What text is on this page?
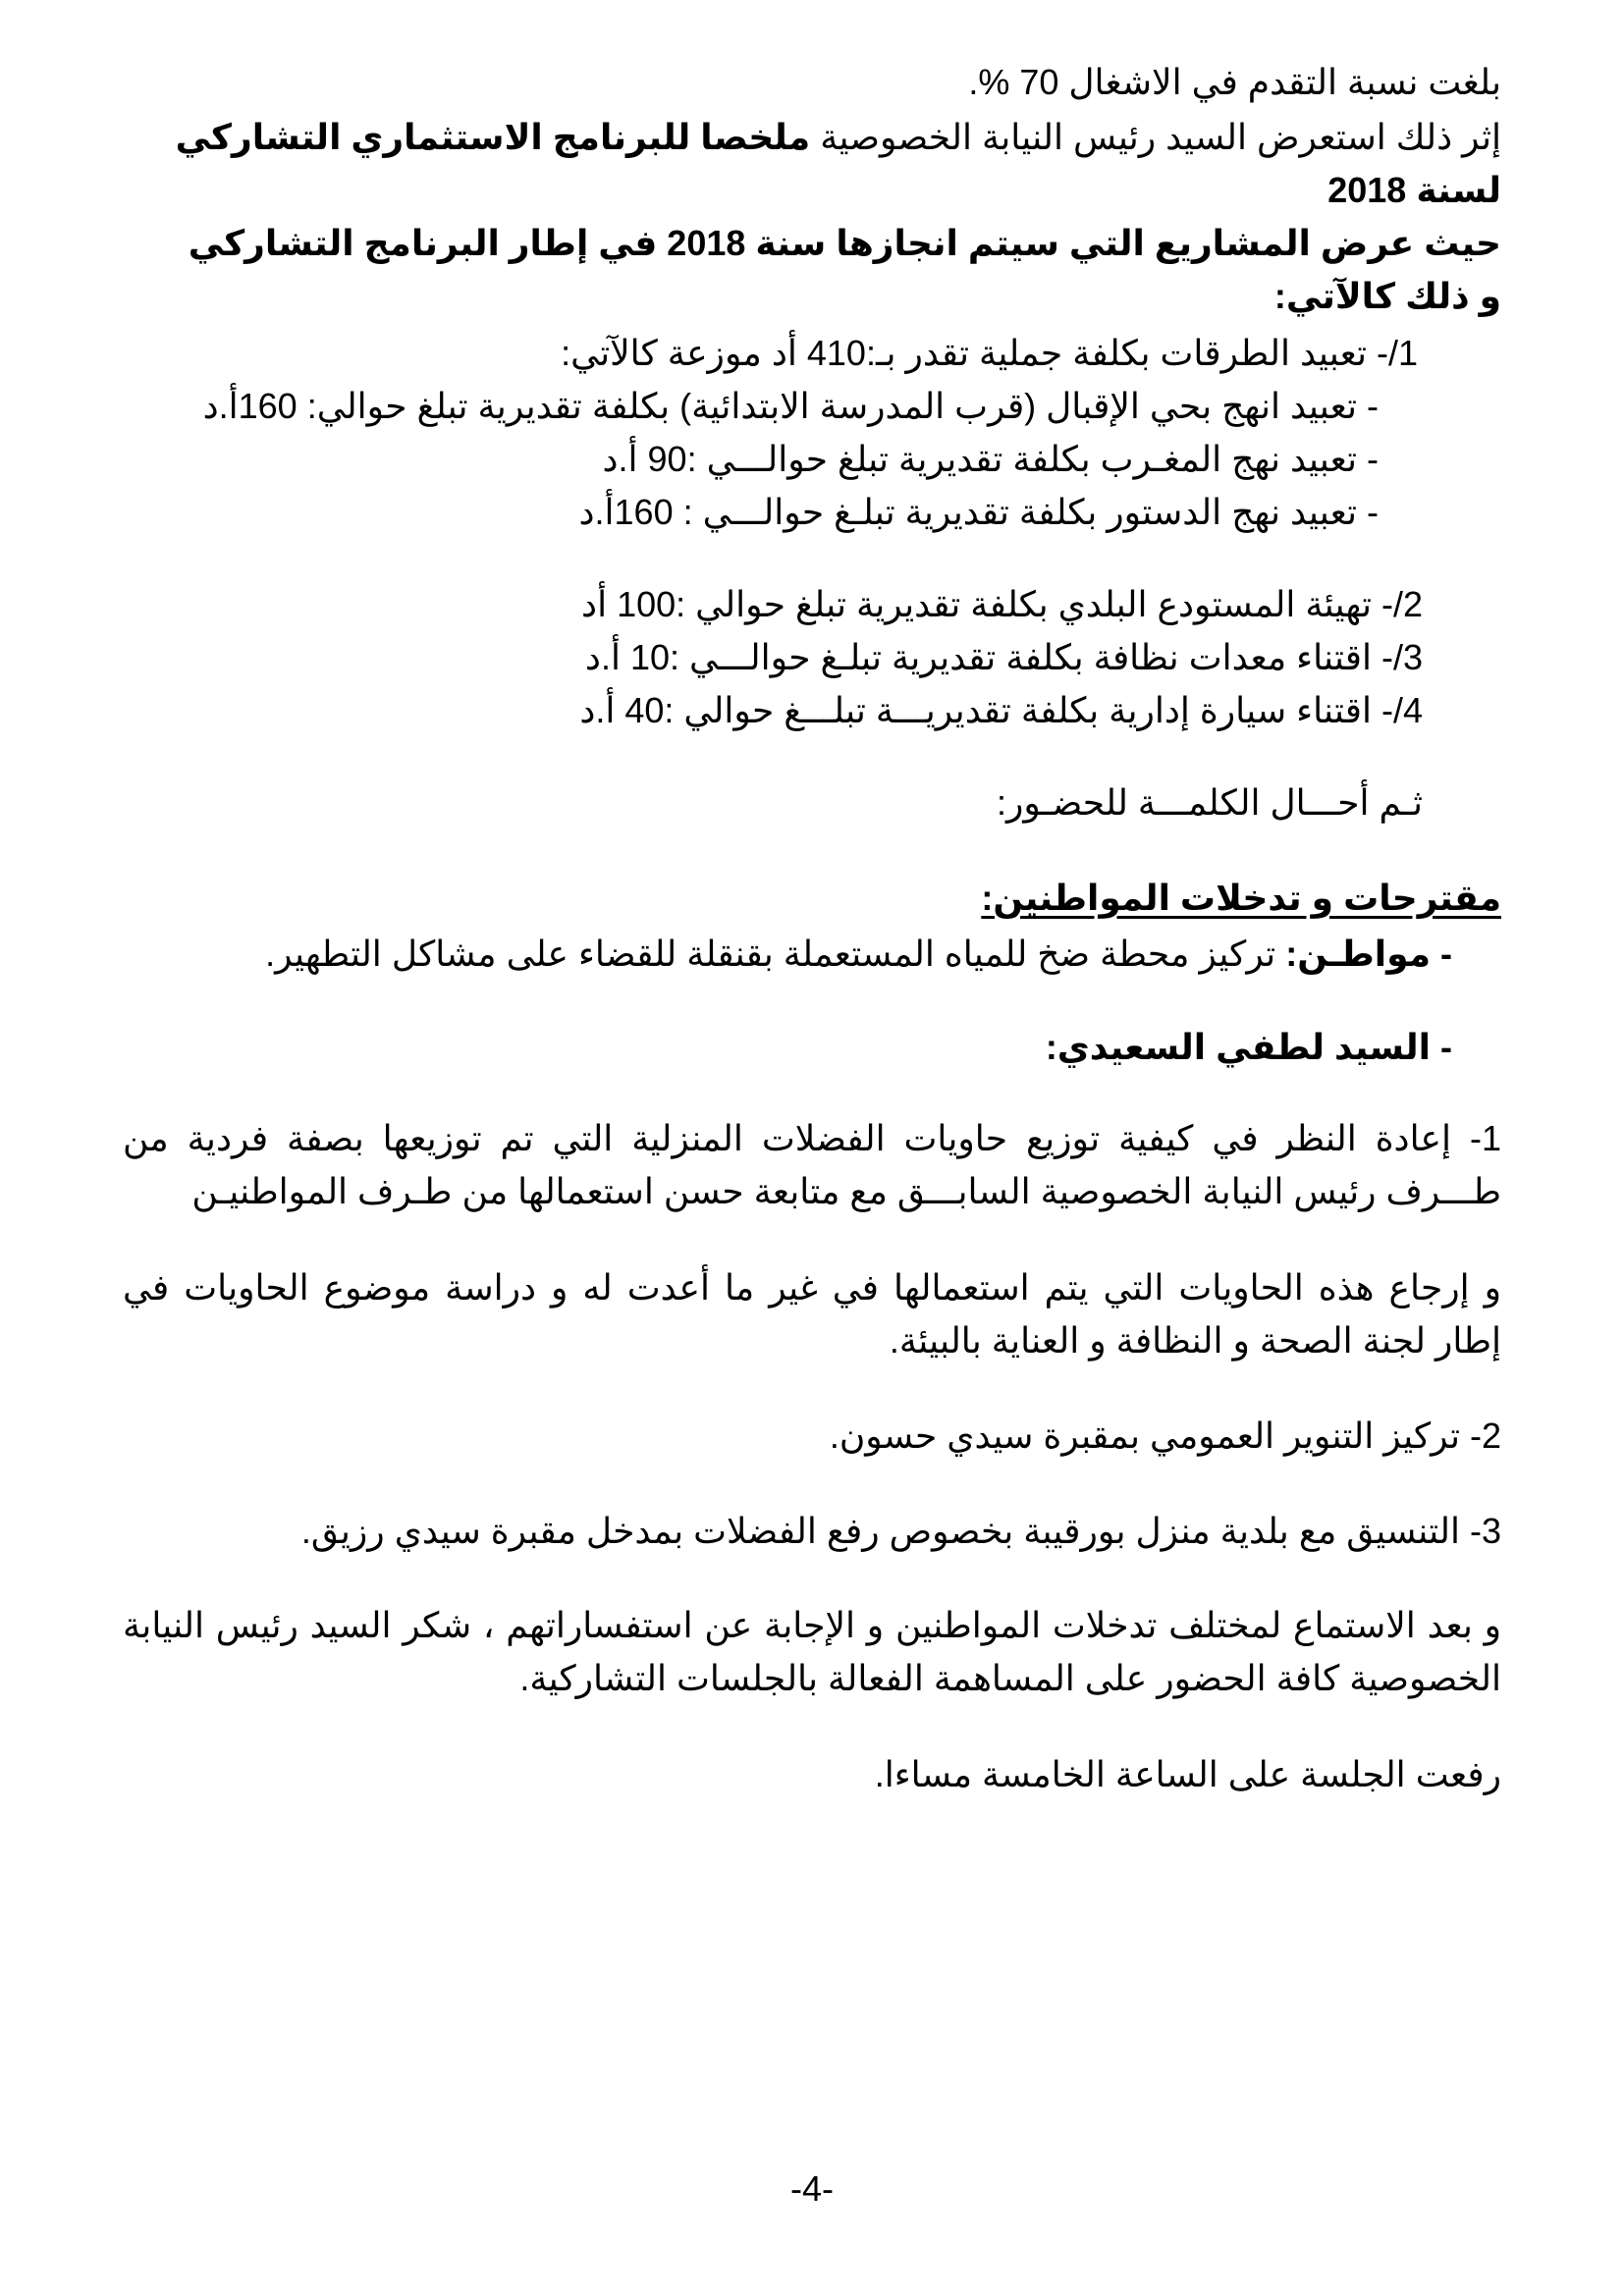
بلغت نسبة التقدم في الاشغال 70 %.
إثر ذلك استعرض السيد رئيس النيابة الخصوصية ملخصا للبرنامج الاستثماري التشاركي
لسنة 2018
حيث عرض المشاريع التي سيتم انجازها سنة 2018 في إطار البرنامج التشاركي
و ذلك كالآتي:
1/- تعبيد الطرقات بكلفة جملية تقدر بـ:410 أد موزعة كالآتي:
- تعبيد انهج بحي الإقبال (قرب المدرسة الابتدائية) بكلفة تقديرية تبلغ حوالي: 160أ.د
- تعبيد نهج المغـرب بكلفة تقديرية تبلغ حوالـــي :90 أ.د
- تعبيد نهج الدستور بكلفة تقديرية تبلـغ حوالـــي : 160أ.د
2/- تهيئة المستودع البلدي بكلفة تقديرية تبلغ حوالي :100 أد
3/- اقتناء معدات نظافة بكلفة تقديرية تبلـغ حوالـــي :10 أ.د
4/- اقتناء سيارة إدارية بكلفة تقديريـــة تبلـــغ حوالي :40 أ.د
ثـم أحـــال الكلمـــة للحضـور:
مقترحات و تدخلات المواطنين:
- مواطـن: تركيز محطة ضخ للمياه المستعملة بقنقلة للقضاء على مشاكل التطهير.
- السيد لطفي السعيدي:
1- إعادة النظر في كيفية توزيع حاويات الفضلات المنزلية التي تم توزيعها بصفة فردية من
طـــرف رئيس النيابة الخصوصية السابـــق مع متابعة حسن استعمالها من طـرف المواطنيـن
و إرجاع هذه الحاويات التي يتم استعمالها في غير ما أعدت له و دراسة موضوع الحاويات في
إطار لجنة الصحة و النظافة و العناية بالبيئة.
2- تركيز التنوير العمومي بمقبرة سيدي حسون.
3- التنسيق مع بلدية منزل بورقيبة بخصوص رفع الفضلات بمدخل مقبرة سيدي رزيق.
و بعد الاستماع لمختلف تدخلات المواطنين و الإجابة عن استفساراتهم ، شكر السيد رئيس النيابة
الخصوصية كافة الحضور على المساهمة الفعالة بالجلسات التشاركية.
رفعت الجلسة على الساعة الخامسة مساءا.
-4-
